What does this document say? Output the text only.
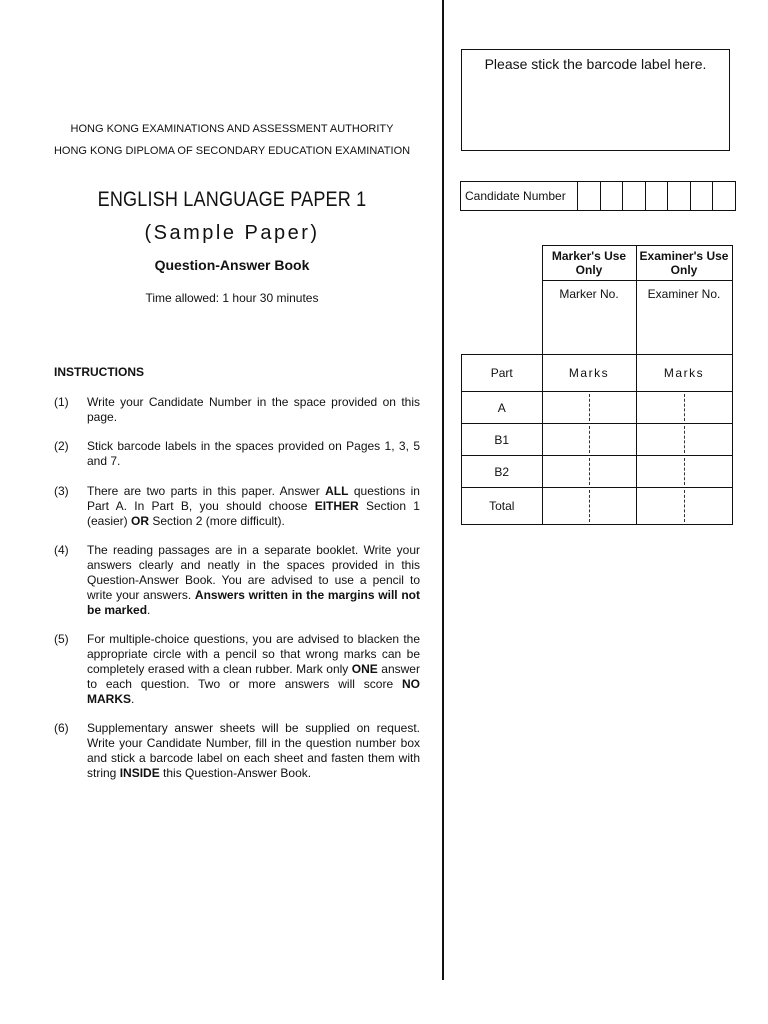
HONG KONG EXAMINATIONS AND ASSESSMENT AUTHORITY
HONG KONG DIPLOMA OF SECONDARY EDUCATION EXAMINATION
ENGLISH LANGUAGE PAPER 1
(Sample Paper)
Question-Answer Book
Time allowed: 1 hour 30 minutes
INSTRUCTIONS
(1) Write your Candidate Number in the space provided on this page.
(2) Stick barcode labels in the spaces provided on Pages 1, 3, 5 and 7.
(3) There are two parts in this paper. Answer ALL questions in Part A. In Part B, you should choose EITHER Section 1 (easier) OR Section 2 (more difficult).
(4) The reading passages are in a separate booklet. Write your answers clearly and neatly in the spaces provided in this Question-Answer Book. You are advised to use a pencil to write your answers. Answers written in the margins will not be marked.
(5) For multiple-choice questions, you are advised to blacken the appropriate circle with a pencil so that wrong marks can be completely erased with a clean rubber. Mark only ONE answer to each question. Two or more answers will score NO MARKS.
(6) Supplementary answer sheets will be supplied on request. Write your Candidate Number, fill in the question number box and stick a barcode label on each sheet and fasten them with string INSIDE this Question-Answer Book.
Please stick the barcode label here.
Candidate Number
	Marker's Use Only	Examiner's Use Only
	Marker No.	Examiner No.
Part	Marks	Marks
A		
B1		
B2		
Total		
